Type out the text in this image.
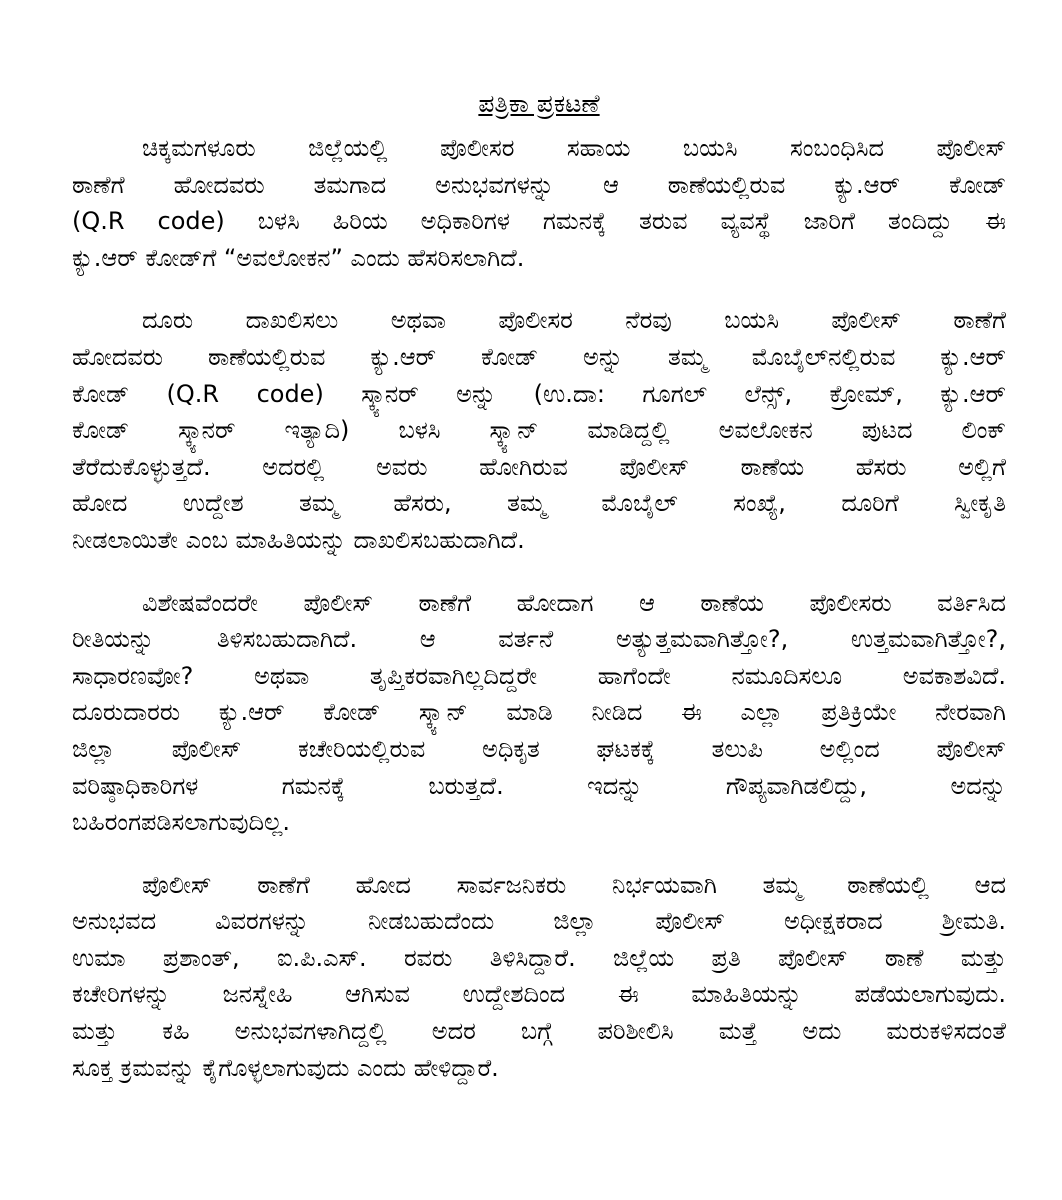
ಪತ್ರಿಕಾ ಪ್ರಕಟಣೆ
ಚಿಕ್ಕಮಗಳೂರು ಜಿಲ್ಲೆಯಲ್ಲಿ ಪೊಲೀಸರ ಸಹಾಯ ಬಯಸಿ ಸಂಬಂಧಿಸಿದ ಪೊಲೀಸ್
ಠಾಣೆಗೆ ಹೋದವರು ತಮಗಾದ ಅನುಭವಗಳನ್ನು ಆ ಠಾಣೆಯಲ್ಲಿರುವ ಕ್ಯು.ಆರ್ ಕೋಡ್
(Q.R code) ಬಳಸಿ ಹಿರಿಯ ಅಧಿಕಾರಿಗಳ ಗಮನಕ್ಕೆ ತರುವ ವ್ಯವಸ್ಥೆ ಜಾರಿಗೆ ತಂದಿದ್ದು ಈ
ಕ್ಯು.ಆರ್ ಕೋಡ್‌ಗೆ “ಅವಲೋಕನ” ಎಂದು ಹೆಸರಿಸಲಾಗಿದೆ.
ದೂರು ದಾಖಲಿಸಲು ಅಥವಾ ಪೊಲೀಸರ ನೆರವು ಬಯಸಿ ಪೊಲೀಸ್ ಠಾಣೆಗೆ
ಹೋದವರು ಠಾಣೆಯಲ್ಲಿರುವ ಕ್ಯು.ಆರ್ ಕೋಡ್ ಅನ್ನು ತಮ್ಮ ಮೊಬೈಲ್‌ನಲ್ಲಿರುವ ಕ್ಯು.ಆರ್
ಕೋಡ್ (Q.R code) ಸ್ಕ್ಯಾನರ್ ಅನ್ನು (ಉ.ದಾ: ಗೂಗಲ್ ಲೆನ್ಸ್, ಕ್ರೋಮ್, ಕ್ಯು.ಆರ್
ಕೋಡ್ ಸ್ಕ್ಯಾನರ್ ಇತ್ಯಾದಿ) ಬಳಸಿ ಸ್ಕ್ಯಾನ್ ಮಾಡಿದ್ದಲ್ಲಿ ಅವಲೋಕನ ಪುಟದ ಲಿಂಕ್
ತೆರೆದುಕೊಳ್ಳುತ್ತದೆ. ಅದರಲ್ಲಿ ಅವರು ಹೋಗಿರುವ ಪೊಲೀಸ್ ಠಾಣೆಯ ಹೆಸರು ಅಲ್ಲಿಗೆ
ಹೋದ ಉದ್ದೇಶ ತಮ್ಮ ಹೆಸರು, ತಮ್ಮ ಮೊಬೈಲ್ ಸಂಖ್ಯೆ, ದೂರಿಗೆ ಸ್ವೀಕೃತಿ
ನೀಡಲಾಯಿತೇ ಎಂಬ ಮಾಹಿತಿಯನ್ನು ದಾಖಲಿಸಬಹುದಾಗಿದೆ.
ವಿಶೇಷವೆಂದರೇ ಪೊಲೀಸ್ ಠಾಣೆಗೆ ಹೋದಾಗ ಆ ಠಾಣೆಯ ಪೊಲೀಸರು ವರ್ತಿಸಿದ
ರೀತಿಯನ್ನು ತಿಳಿಸಬಹುದಾಗಿದೆ. ಆ ವರ್ತನೆ ಅತ್ಯುತ್ತಮವಾಗಿತ್ತೋ?, ಉತ್ತಮವಾಗಿತ್ತೋ?,
ಸಾಧಾರಣವೋ? ಅಥವಾ ತೃಪ್ತಿಕರವಾಗಿಲ್ಲದಿದ್ದರೇ ಹಾಗೆಂದೇ ನಮೂದಿಸಲೂ ಅವಕಾಶವಿದೆ.
ದೂರುದಾರರು ಕ್ಯು.ಆರ್ ಕೋಡ್ ಸ್ಕ್ಯಾನ್ ಮಾಡಿ ನೀಡಿದ ಈ ಎಲ್ಲಾ ಪ್ರತಿಕ್ರಿಯೇ ನೇರವಾಗಿ
ಜಿಲ್ಲಾ ಪೊಲೀಸ್ ಕಚೇರಿಯಲ್ಲಿರುವ ಅಧಿಕೃತ ಘಟಕಕ್ಕೆ ತಲುಪಿ ಅಲ್ಲಿಂದ ಪೊಲೀಸ್
ವರಿಷ್ಠಾಧಿಕಾರಿಗಳ ಗಮನಕ್ಕೆ ಬರುತ್ತದೆ. ಇದನ್ನು ಗೌಪ್ಯವಾಗಿಡಲಿದ್ದು, ಅದನ್ನು
ಬಹಿರಂಗಪಡಿಸಲಾಗುವುದಿಲ್ಲ.
ಪೊಲೀಸ್ ಠಾಣೆಗೆ ಹೋದ ಸಾರ್ವಜನಿಕರು ನಿರ್ಭಯವಾಗಿ ತಮ್ಮ ಠಾಣೆಯಲ್ಲಿ ಆದ
ಅನುಭವದ ವಿವರಗಳನ್ನು ನೀಡಬಹುದೆಂದು ಜಿಲ್ಲಾ ಪೊಲೀಸ್ ಅಧೀಕ್ಷಕರಾದ ಶ್ರೀಮತಿ.
ಉಮಾ ಪ್ರಶಾಂತ್, ಐ.ಪಿ.ಎಸ್. ರವರು ತಿಳಿಸಿದ್ದಾರೆ. ಜಿಲ್ಲೆಯ ಪ್ರತಿ ಪೊಲೀಸ್ ಠಾಣೆ ಮತ್ತು
ಕಚೇರಿಗಳನ್ನು ಜನಸ್ನೇಹಿ ಆಗಿಸುವ ಉದ್ದೇಶದಿಂದ ಈ ಮಾಹಿತಿಯನ್ನು ಪಡೆಯಲಾಗುವುದು.
ಮತ್ತು ಕಹಿ ಅನುಭವಗಳಾಗಿದ್ದಲ್ಲಿ ಅದರ ಬಗ್ಗೆ ಪರಿಶೀಲಿಸಿ ಮತ್ತೆ ಅದು ಮರುಕಳಿಸದಂತೆ
ಸೂಕ್ತ ಕ್ರಮವನ್ನು ಕೈಗೊಳ್ಳಲಾಗುವುದು ಎಂದು ಹೇಳಿದ್ದಾರೆ.
